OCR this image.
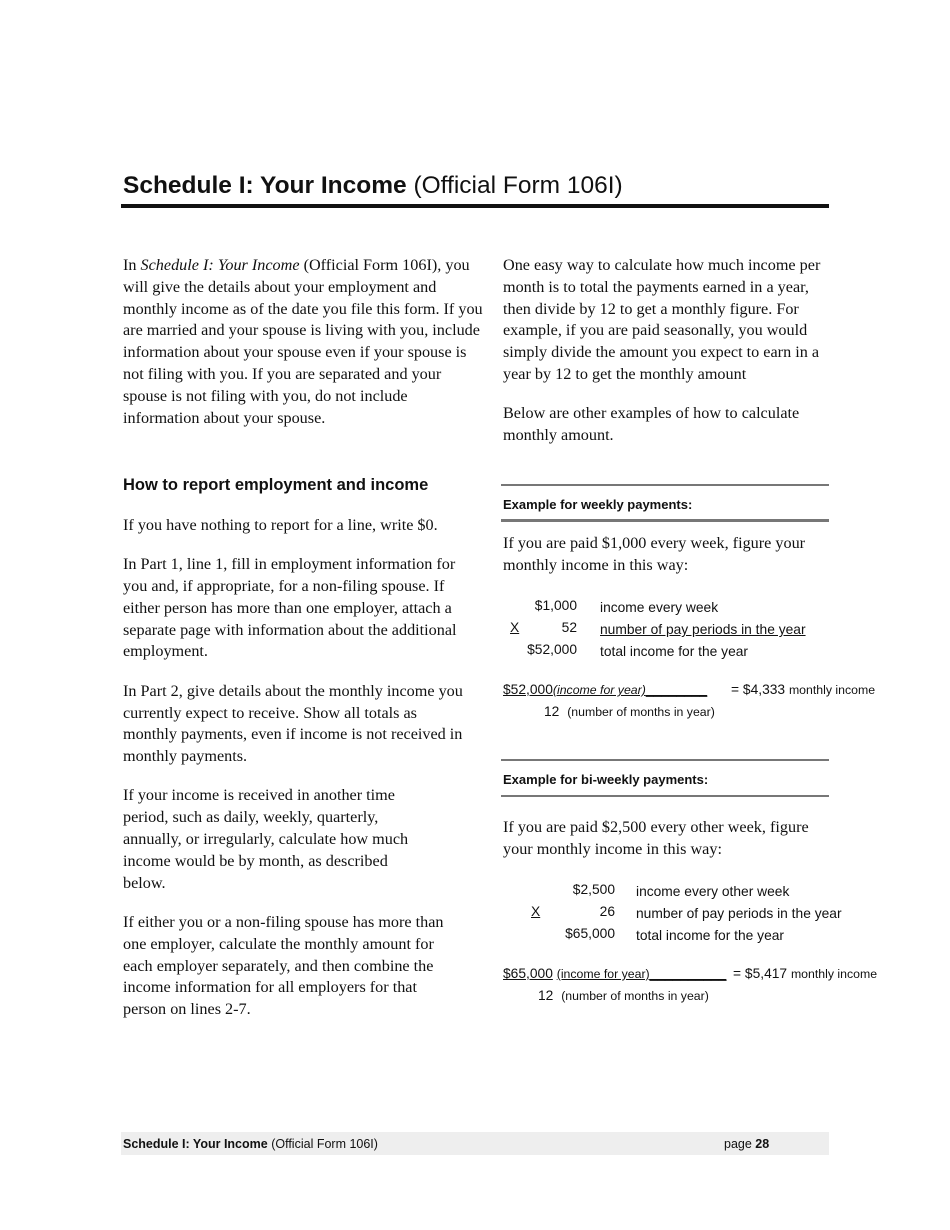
Schedule I: Your Income (Official Form 106I)

In Schedule I: Your Income (Official Form 106I), you will give the details about your employment and monthly income as of the date you file this form. If you are married and your spouse is living with you, include information about your spouse even if your spouse is not filing with you. If you are separated and your spouse is not filing with you, do not include information about your spouse.

How to report employment and income

If you have nothing to report for a line, write $0.

In Part 1, line 1, fill in employment information for you and, if appropriate, for a non-filing spouse. If either person has more than one employer, attach a separate page with information about the additional employment.

In Part 2, give details about the monthly income you currently expect to receive. Show all totals as monthly payments, even if income is not received in monthly payments.

If your income is received in another time period, such as daily, weekly, quarterly, annually, or irregularly, calculate how much income would be by month, as described below.

If either you or a non-filing spouse has more than one employer, calculate the monthly amount for each employer separately, and then combine the income information for all employers for that person on lines 2-7.

One easy way to calculate how much income per month is to total the payments earned in a year, then divide by 12 to get a monthly figure. For example, if you are paid seasonally, you would simply divide the amount you expect to earn in a year by 12 to get the monthly amount

Below are other examples of how to calculate monthly amount.

Example for weekly payments:
If you are paid $1,000 every week, figure your monthly income in this way:
$1,000 income every week
X	52 number of pay periods in the year
$52,000 total income for the year
$52,000(income for year)________ = $4,333 monthly income
12 (number of months in year)
Example for bi-weekly payments:
If you are paid $2,500 every other week, figure your monthly income in this way:
$2,500 income every other week
X	26 number of pay periods in the year
$65,000 total income for the year
$65,000 (income for year)__________ = $5,417 monthly income
12 (number of months in year)
Schedule I: Your Income (Official Form 106I)	page 28
